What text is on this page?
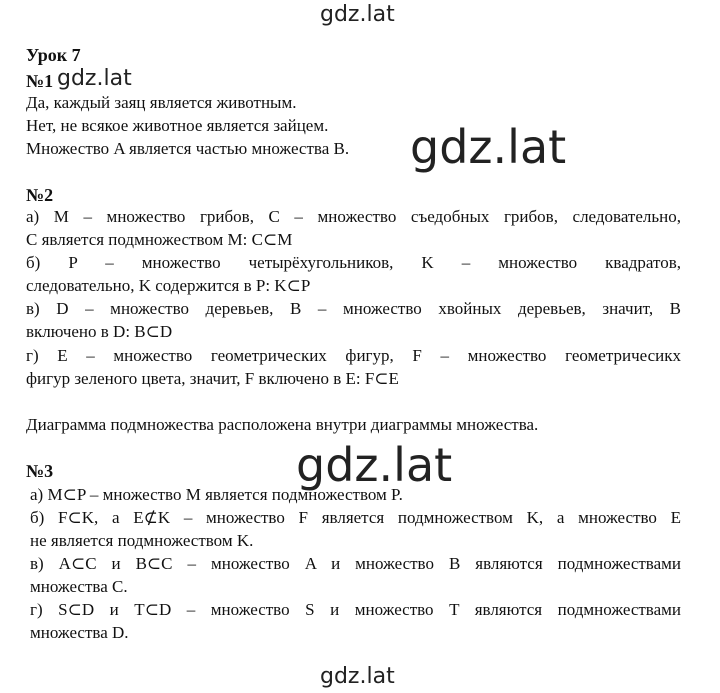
gdz.lat
Урок 7
№1 gdz.lat
Да, каждый заяц является животным.
Нет, не всякое животное является зайцем.
Множество A является частью множества B.	gdz.lat
№2
а) M – множество грибов, C – множество съедобных грибов, следовательно,
C является подмножеством M: C⊂M
б) P – множество четырёхугольников, K – множество квадратов,
следовательно, K содержится в P: K⊂P
в) D – множество деревьев, B – множество хвойных деревьев, значит, B
включено в D: B⊂D
г) E – множество геометрических фигур, F – множество геометричесикх
фигур зеленого цвета, значит, F включено в E: F⊂E
Диаграмма подмножества расположена внутри диаграммы множества.
gdz.lat
№3
а) M⊂P – множество M является подмножеством P.
б) F⊂K, а E⊄K – множество F является подмножеством K, а множество E
не является подмножеством K.
в) A⊂C и B⊂C – множество A и множество B являются подмножествами
множества C.
г) S⊂D и T⊂D – множество S и множество T являются подмножествами
множества D.
gdz.lat
